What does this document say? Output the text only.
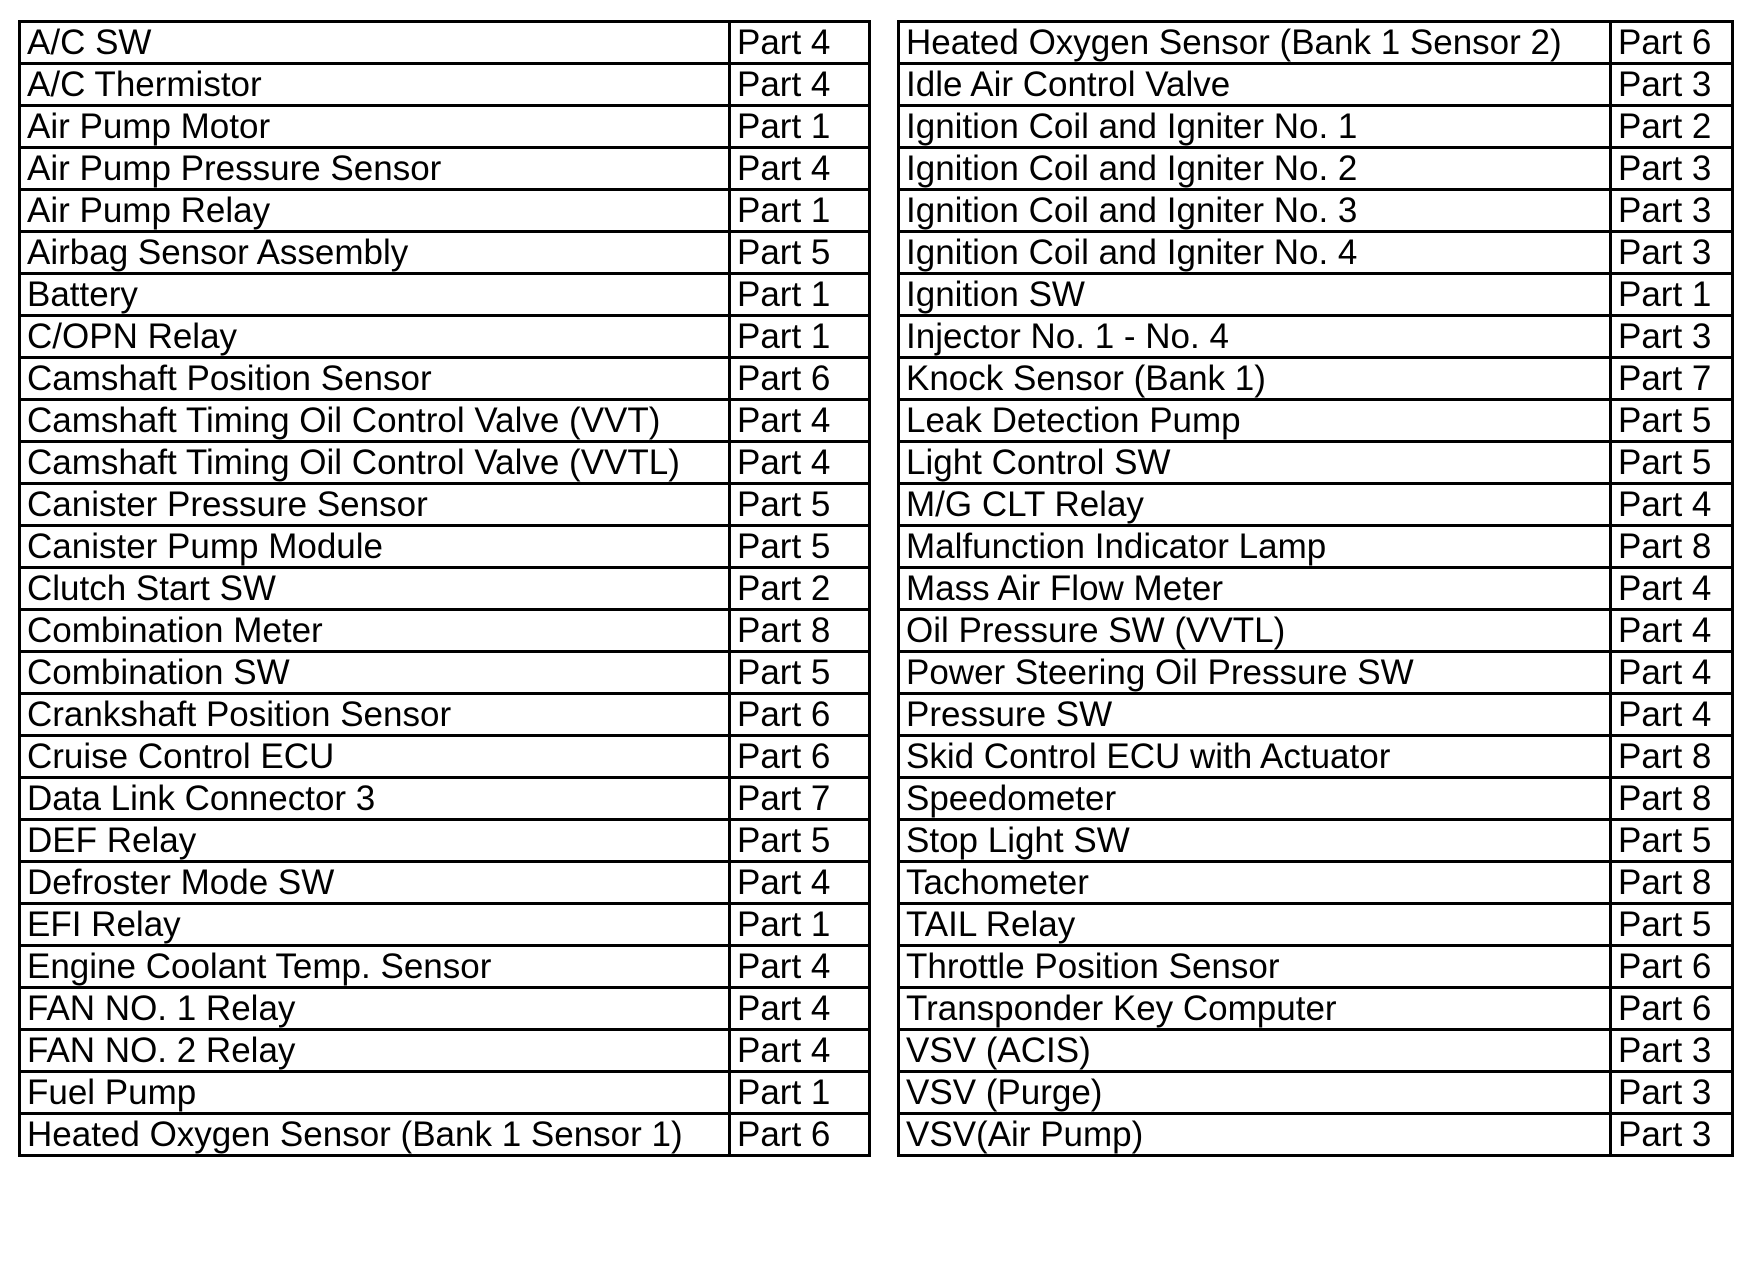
A/C SW	Part 4
A/C Thermistor	Part 4
Air Pump Motor	Part 1
Air Pump Pressure Sensor	Part 4
Air Pump Relay	Part 1
Airbag Sensor Assembly	Part 5
Battery	Part 1
C/OPN Relay	Part 1
Camshaft Position Sensor	Part 6
Camshaft Timing Oil Control Valve (VVT)	Part 4
Camshaft Timing Oil Control Valve (VVTL)	Part 4
Canister Pressure Sensor	Part 5
Canister Pump Module	Part 5
Clutch Start SW	Part 2
Combination Meter	Part 8
Combination SW	Part 5
Crankshaft Position Sensor	Part 6
Cruise Control ECU	Part 6
Data Link Connector 3	Part 7
DEF Relay	Part 5
Defroster Mode SW	Part 4
EFI Relay	Part 1
Engine Coolant Temp. Sensor	Part 4
FAN NO. 1 Relay	Part 4
FAN NO. 2 Relay	Part 4
Fuel Pump	Part 1
Heated Oxygen Sensor (Bank 1 Sensor 1)	Part 6
Heated Oxygen Sensor (Bank 1 Sensor 2)	Part 6
Idle Air Control Valve	Part 3
Ignition Coil and Igniter No. 1	Part 2
Ignition Coil and Igniter No. 2	Part 3
Ignition Coil and Igniter No. 3	Part 3
Ignition Coil and Igniter No. 4	Part 3
Ignition SW	Part 1
Injector No. 1 - No. 4	Part 3
Knock Sensor (Bank 1)	Part 7
Leak Detection Pump	Part 5
Light Control SW	Part 5
M/G CLT Relay	Part 4
Malfunction Indicator Lamp	Part 8
Mass Air Flow Meter	Part 4
Oil Pressure SW (VVTL)	Part 4
Power Steering Oil Pressure SW	Part 4
Pressure SW	Part 4
Skid Control ECU with Actuator	Part 8
Speedometer	Part 8
Stop Light SW	Part 5
Tachometer	Part 8
TAIL Relay	Part 5
Throttle Position Sensor	Part 6
Transponder Key Computer	Part 6
VSV (ACIS)	Part 3
VSV (Purge)	Part 3
VSV(Air Pump)	Part 3
